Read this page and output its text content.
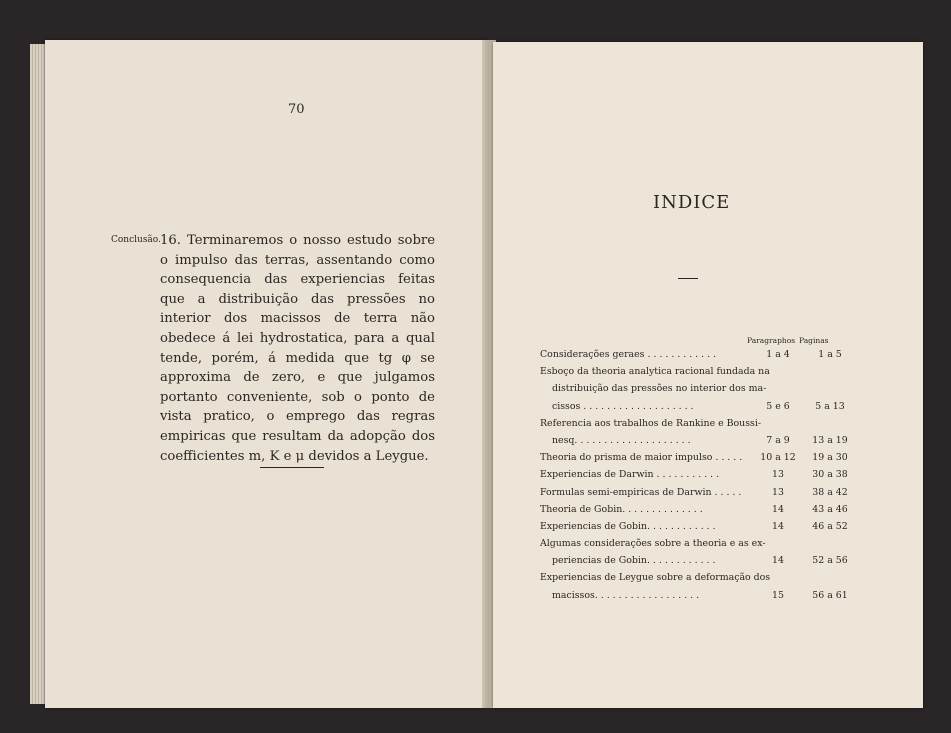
70
Conclusão. 16. Terminaremos o nosso estudo sobre o impulso das terras, assentando como consequencia das experiencias feitas que a distribuição das pressões no interior dos macissos de terra não obedece á lei hydrostatica, para a qual tende, porém, á medida que tg φ se approxima de zero, e que julgamos portanto conveniente, sob o ponto de vista pratico, o emprego das regras empiricas que resultam da adopção dos coefficientes m, K e μ devidos a Leygue.

INDICE
Paragraphos Paginas
Considerações geraes . . . . . . . . . . . .	1 a 4	1 a 5
Esboço da theoria analytica racional fundada na
distribuição das pressões no interior dos ma-
cissos . . . . . . . . . . . . . . . . . . .	5 e 6	5 a 13
Referencia aos trabalhos de Rankine e Boussi-
nesq. . . . . . . . . . . . . . . . . . . .	7 a 9	13 a 19
Theoria do prisma de maior impulso . . . . .	10 a 12	19 a 30
Experiencias de Darwin . . . . . . . . . . .	13	30 a 38
Formulas semi-empiricas de Darwin . . . . .	13	38 a 42
Theoria de Gobin. . . . . . . . . . . . . .	14	43 a 46
Experiencias de Gobin. . . . . . . . . . . .	14	46 a 52
Algumas considerações sobre a theoria e as ex-
periencias de Gobin. . . . . . . . . . . .	14	52 a 56
Experiencias de Leygue sobre a deformação dos
macissos. . . . . . . . . . . . . . . . . .	15	56 a 61
